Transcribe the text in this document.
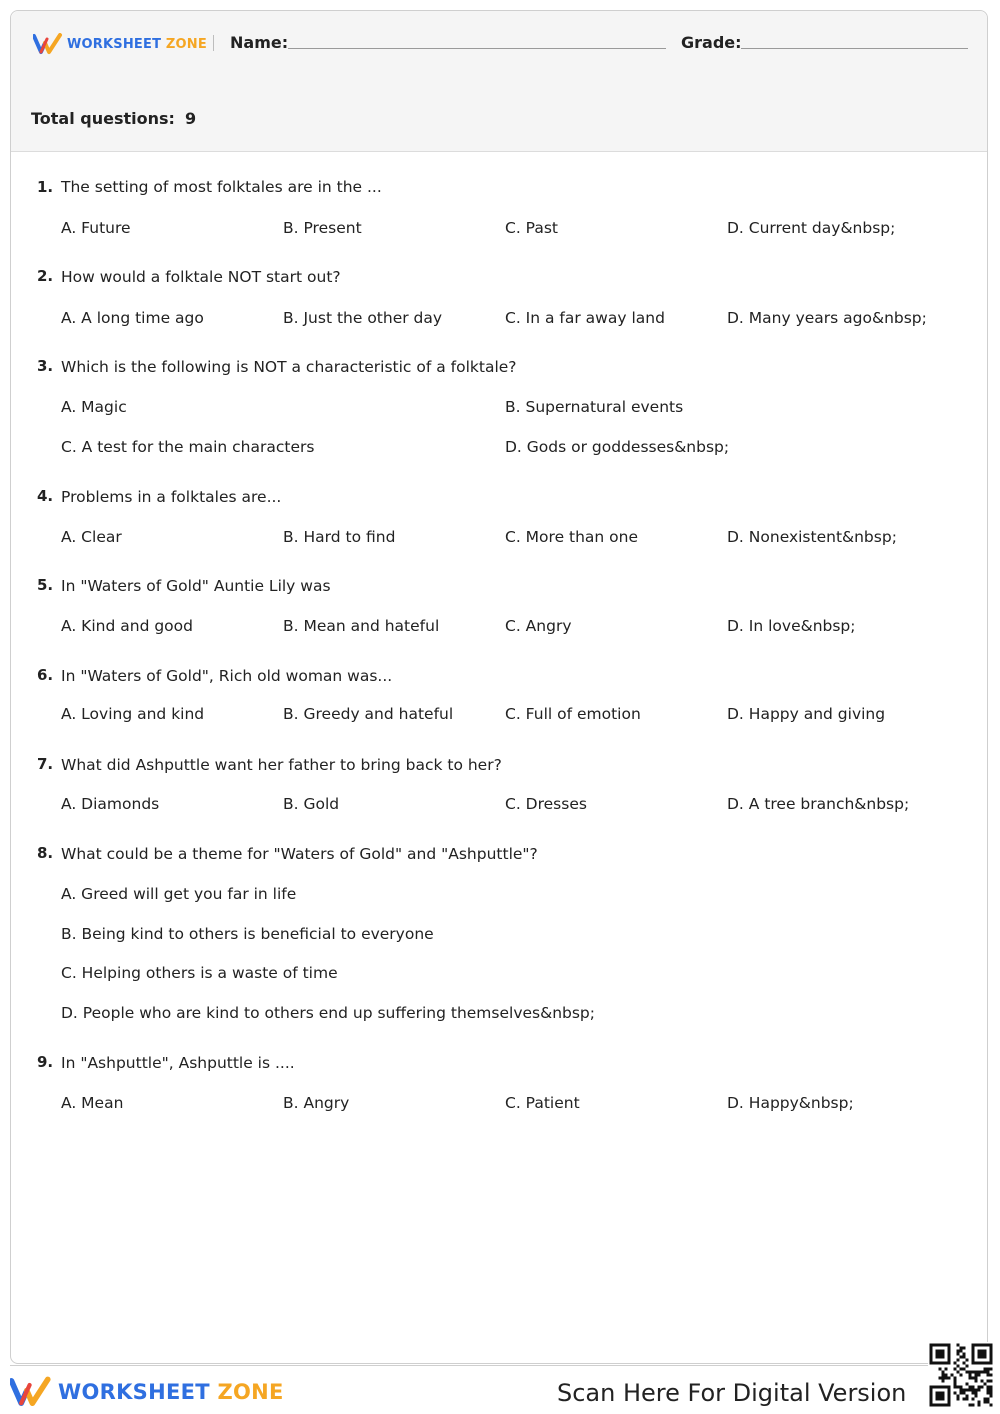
WORKSHEET ZONE Name:	Grade:
Total questions: 9
1. The setting of most folktales are in the ...
A. Future	B. Present	C. Past	D. Current day&nbsp;
2. How would a folktale NOT start out?
A. A long time ago	B. Just the other day	C. In a far away land	D. Many years ago&nbsp;
3. Which is the following is NOT a characteristic of a folktale?
A. Magic	B. Supernatural events
C. A test for the main characters	D. Gods or goddesses&nbsp;
4. Problems in a folktales are...
A. Clear	B. Hard to find	C. More than one	D. Nonexistent&nbsp;
5. In "Waters of Gold" Auntie Lily was
A. Kind and good	B. Mean and hateful	C. Angry	D. In love&nbsp;
6. In "Waters of Gold", Rich old woman was...
A. Loving and kind	B. Greedy and hateful	C. Full of emotion	D. Happy and giving
7. What did Ashputtle want her father to bring back to her?
A. Diamonds	B. Gold	C. Dresses	D. A tree branch&nbsp;
8. What could be a theme for "Waters of Gold" and "Ashputtle"?
A. Greed will get you far in life
B. Being kind to others is beneficial to everyone
C. Helping others is a waste of time
D. People who are kind to others end up suffering themselves&nbsp;
9. In "Ashputtle", Ashputtle is ....
A. Mean	B. Angry	C. Patient	D. Happy&nbsp;
WORKSHEET ZONE	Scan Here For Digital Version
